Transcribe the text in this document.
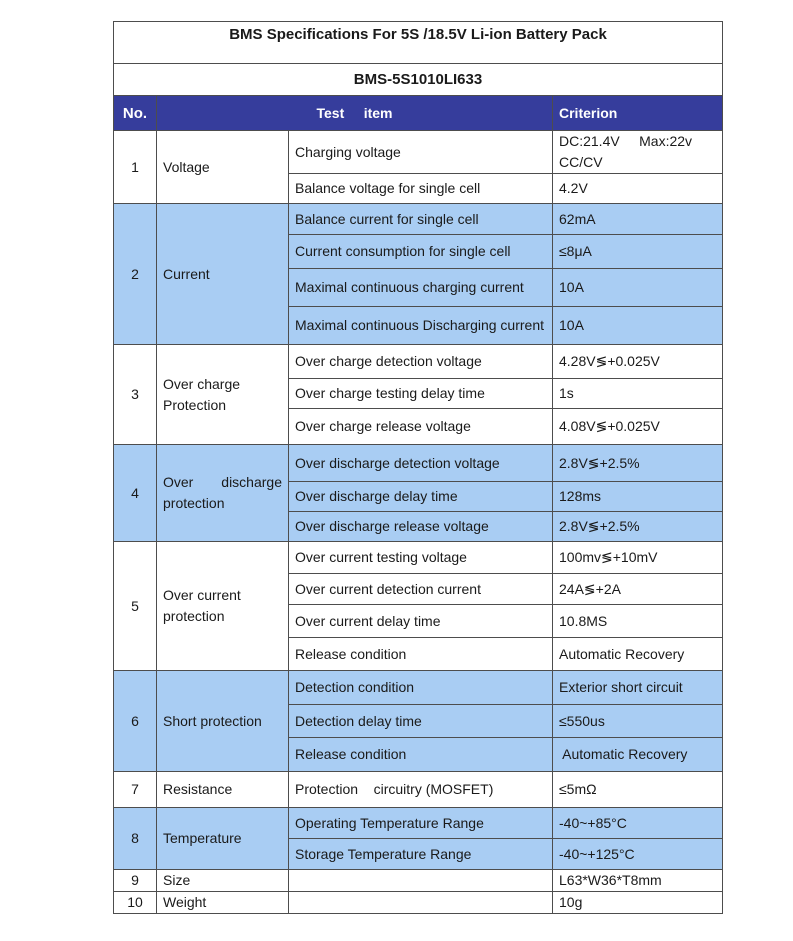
BMS Specifications For 5S /18.5V Li-ion Battery Pack			
BMS-5S1010LI633			
No.	Test     item		Criterion
1	Voltage	Charging voltage	DC:21.4V     Max:22v
CC/CV

		Balance voltage for single cell	4.2V
2	Current	Balance current for single cell	62mA
		Current consumption for single cell	≤8μA
		Maximal continuous charging current	10A
		Maximal continuous Discharging current	10A
3	Over charge Protection	Over charge detection voltage	4.28V≶+0.025V
		Over charge testing delay time	1s
		Over charge release voltage	4.08V≶+0.025V
4	Over      discharge protection	Over discharge detection voltage	2.8V≶+2.5%
		Over discharge delay time	128ms
		Over discharge release voltage	2.8V≶+2.5%
5	Over current protection	Over current testing voltage	100mv≶+10mV
		Over current detection current	24A≶+2A
		Over current delay time	10.8MS
		Release condition	Automatic Recovery
6	Short protection	Detection condition	Exterior short circuit
		Detection delay time	≤550us
		Release condition	Automatic Recovery
7	Resistance	Protection    circuitry (MOSFET)	≤5mΩ
8	Temperature	Operating Temperature Range	-40~+85°C
		Storage Temperature Range	-40~+125°C
9	Size		L63*W36*T8mm
10	Weight		10g
